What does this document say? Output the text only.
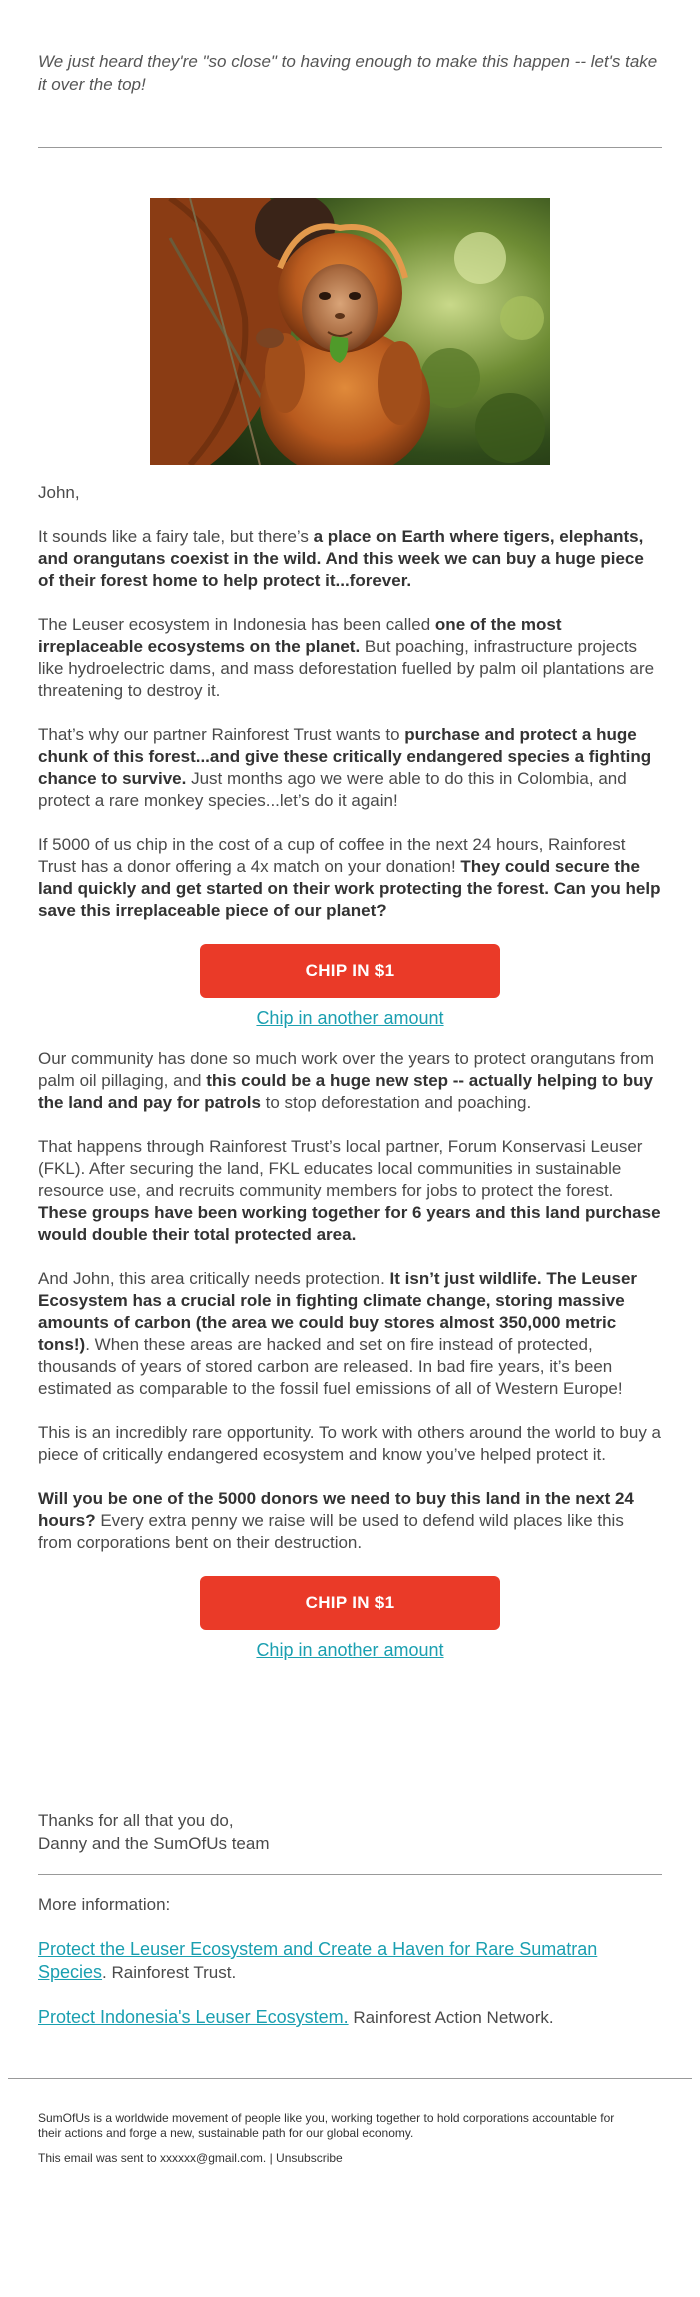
We just heard they're "so close" to having enough to make this happen -- let's take it over the top!

John,

It sounds like a fairy tale, but there’s a place on Earth where tigers, elephants, and orangutans coexist in the wild. And this week we can buy a huge piece of their forest home to help protect it...forever.

The Leuser ecosystem in Indonesia has been called one of the most irreplaceable ecosystems on the planet. But poaching, infrastructure projects like hydroelectric dams, and mass deforestation fuelled by palm oil plantations are threatening to destroy it.

That’s why our partner Rainforest Trust wants to purchase and protect a huge chunk of this forest...and give these critically endangered species a fighting chance to survive. Just months ago we were able to do this in Colombia, and protect a rare monkey species...let’s do it again!

If 5000 of us chip in the cost of a cup of coffee in the next 24 hours, Rainforest Trust has a donor offering a 4x match on your donation! They could secure the land quickly and get started on their work protecting the forest. Can you help save this irreplaceable piece of our planet?

CHIP IN $1
Chip in another amount

Our community has done so much work over the years to protect orangutans from palm oil pillaging, and this could be a huge new step -- actually helping to buy the land and pay for patrols to stop deforestation and poaching.

That happens through Rainforest Trust’s local partner, Forum Konservasi Leuser (FKL). After securing the land, FKL educates local communities in sustainable resource use, and recruits community members for jobs to protect the forest. These groups have been working together for 6 years and this land purchase would double their total protected area.

And John, this area critically needs protection. It isn’t just wildlife. The Leuser Ecosystem has a crucial role in fighting climate change, storing massive amounts of carbon (the area we could buy stores almost 350,000 metric tons!). When these areas are hacked and set on fire instead of protected, thousands of years of stored carbon are released. In bad fire years, it’s been estimated as comparable to the fossil fuel emissions of all of Western Europe!

This is an incredibly rare opportunity. To work with others around the world to buy a piece of critically endangered ecosystem and know you’ve helped protect it.

Will you be one of the 5000 donors we need to buy this land in the next 24 hours? Every extra penny we raise will be used to defend wild places like this from corporations bent on their destruction.

CHIP IN $1
Chip in another amount
Thanks for all that you do,
Danny and the SumOfUs team

More information:

Protect the Leuser Ecosystem and Create a Haven for Rare Sumatran Species. Rainforest Trust.

Protect Indonesia's Leuser Ecosystem. Rainforest Action Network.

SumOfUs is a worldwide movement of people like you, working together to hold corporations accountable for their actions and forge a new, sustainable path for our global economy.

This email was sent to xxxxxx@gmail.com. | Unsubscribe
